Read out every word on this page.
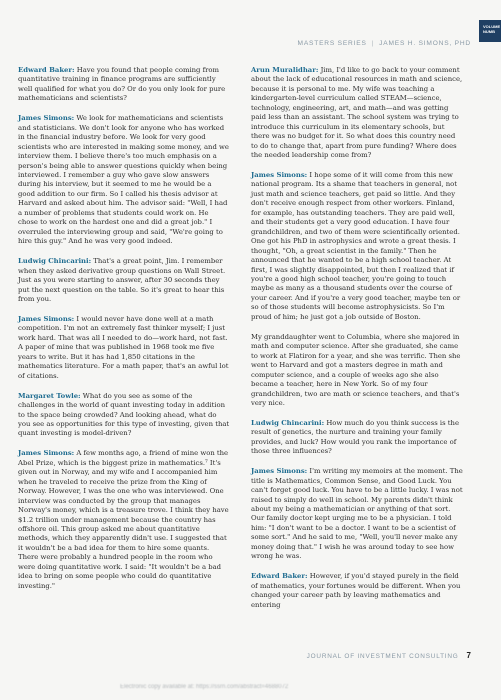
VOLUME NUMB
MASTERS SERIES | JAMES H. SIMONS, PHD

Edward Baker: Have you found that people coming from quantitative training in finance programs are sufficiently well qualified for what you do? Or do you only look for pure mathematicians and scientists?

James Simons: We look for mathematicians and scientists and statisticians. We don't look for anyone who has worked in the financial industry before. We look for very good scientists who are interested in making some money, and we interview them. I believe there's too much emphasis on a person's being able to answer questions quickly when being interviewed. I remember a guy who gave slow answers during his interview, but it seemed to me he would be a good addition to our firm. So I called his thesis advisor at Harvard and asked about him. The advisor said: "Well, I had a number of problems that students could work on. He chose to work on the hardest one and did a great job." I overruled the interviewing group and said, "We're going to hire this guy." And he was very good indeed.

Ludwig Chincarini: That's a great point, Jim. I remember when they asked derivative group questions on Wall Street. Just as you were starting to answer, after 30 seconds they put the next question on the table. So it's great to hear this from you.

James Simons: I would never have done well at a math competition. I'm not an extremely fast thinker myself; I just work hard. That was all I needed to do—work hard, not fast. A paper of mine that was published in 1968 took me five years to write. But it has had 1,850 citations in the mathematics literature. For a math paper, that's an awful lot of citations.

Margaret Towle: What do you see as some of the challenges in the world of quant investing today in addition to the space being crowded? And looking ahead, what do you see as opportunities for this type of investing, given that quant investing is model-driven?

James Simons: A few months ago, a friend of mine won the Abel Prize, which is the biggest prize in mathematics.⁷ It's given out in Norway, and my wife and I accompanied him when he traveled to receive the prize from the King of Norway. However, I was the one who was interviewed. One interview was conducted by the group that manages Norway's money, which is a treasure trove. I think they have $1.2 trillion under management because the country has offshore oil. This group asked me about quantitative methods, which they apparently didn't use. I suggested that it wouldn't be a bad idea for them to hire some quants. There were probably a hundred people in the room who were doing quantitative work. I said: "It wouldn't be a bad idea to bring on some people who could do quantitative investing."

Arun Muralidhar: Jim, I'd like to go back to your comment about the lack of educational resources in math and science, because it is personal to me. My wife was teaching a kindergarten-level curriculum called STEAM—science, technology, engineering, art, and math—and was getting paid less than an assistant. The school system was trying to introduce this curriculum in its elementary schools, but there was no budget for it. So what does this country need to do to change that, apart from pure funding? Where does the needed leadership come from?

James Simons: I hope some of it will come from this new national program. Its a shame that teachers in general, not just math and science teachers, get paid so little. And they don't receive enough respect from other workers. Finland, for example, has outstanding teachers. They are paid well, and their students get a very good education. I have four grandchildren, and two of them were scientifically oriented. One got his PhD in astrophysics and wrote a great thesis. I thought, "Oh, a great scientist in the family." Then he announced that he wanted to be a high school teacher. At first, I was slightly disappointed, but then I realized that if you're a good high school teacher, you're going to touch maybe as many as a thousand students over the course of your career. And if you're a very good teacher, maybe ten or so of those students will become astrophysicists. So I'm proud of him; he just got a job outside of Boston.

My granddaughter went to Columbia, where she majored in math and computer science. After she graduated, she came to work at Flatiron for a year, and she was terrific. Then she went to Harvard and got a masters degree in math and computer science, and a couple of weeks ago she also became a teacher, here in New York. So of my four grandchildren, two are math or science teachers, and that's very nice.

Ludwig Chincarini: How much do you think success is the result of genetics, the nurture and training your family provides, and luck? How would you rank the importance of those three influences?

James Simons: I'm writing my memoirs at the moment. The title is Mathematics, Common Sense, and Good Luck. You can't forget good luck. You have to be a little lucky. I was not raised to simply do well in school. My parents didn't think about my being a mathematician or anything of that sort. Our family doctor kept urging me to be a physician. I told him: "I don't want to be a doctor. I want to be a scientist of some sort." And he said to me, "Well, you'll never make any money doing that." I wish he was around today to see how wrong he was.

Edward Baker: However, if you'd stayed purely in the field of mathematics, your fortunes would be different. When you changed your career path by leaving mathematics and entering

JOURNAL OF INVESTMENT CONSULTING 7
Electronic copy available at: https://ssrn.com/abstract=4688072
